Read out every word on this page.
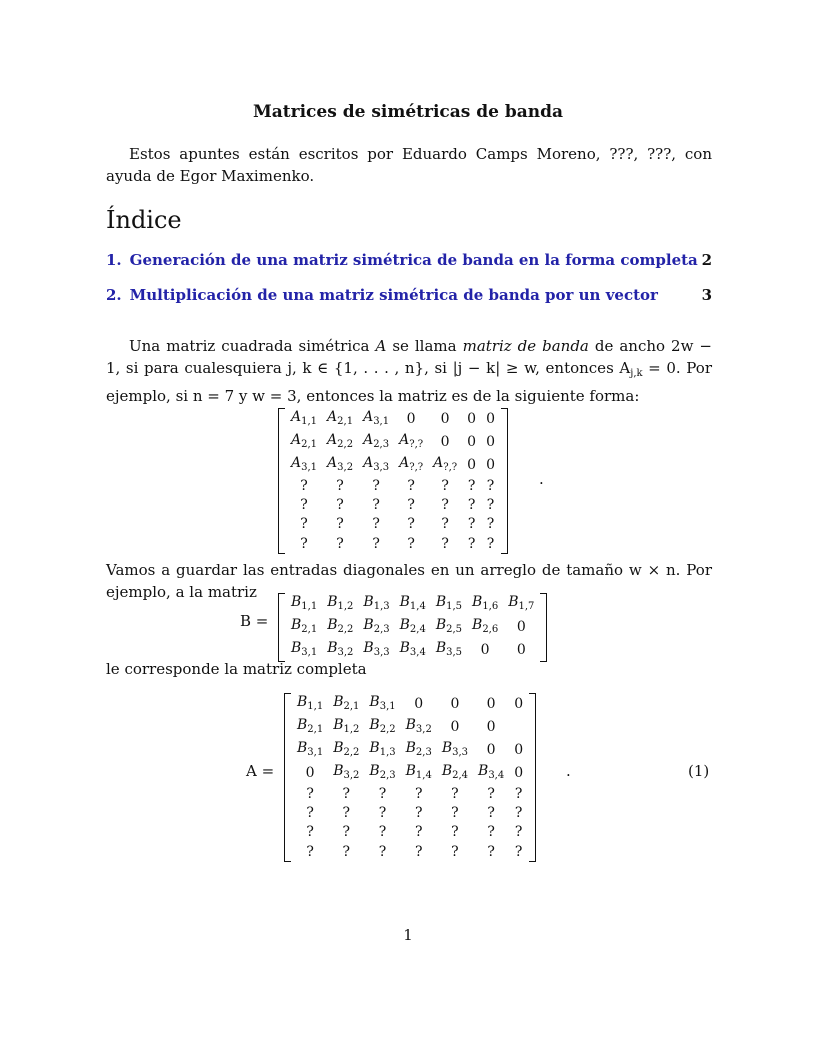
Matrices de simétricas de banda
Estos apuntes están escritos por Eduardo Camps Moreno, ???, ???, con ayuda de Egor Maximenko.
Índice
1. Generación de una matriz simétrica de banda en la forma completa 2
2. Multiplicación de una matriz simétrica de banda por un vector	3
Una matriz cuadrada simétrica A se llama matriz de banda de ancho 2w − 1, si para cualesquiera j, k ∈ {1, . . . , n}, si |j − k| ≥ w, entonces $A_{j,k} = 0$. Por ejemplo, si n = 7 y w = 3, entonces la matriz es de la siguiente forma:
$A_{1,1}$	$A_{2,1}$	$A_{3,1}$	0	0	0	0
$A_{2,1}$	$A_{2,2}$	$A_{2,3}$	$A_{?,?}$	0	0	0
$A_{3,1}$	$A_{3,2}$	$A_{3,3}$	$A_{?,?}$	$A_{?,?}$	0	0
?	?	?	?	?	?	?
?	?	?	?	?	?	?
?	?	?	?	?	?	?
?	?	?	?	?	?	?
.
Vamos a guardar las entradas diagonales en un arreglo de tamaño w × n. Por ejemplo, a la matriz
B =
$B_{1,1}$	$B_{1,2}$	$B_{1,3}$	$B_{1,4}$	$B_{1,5}$	$B_{1,6}$	$B_{1,7}$
$B_{2,1}$	$B_{2,2}$	$B_{2,3}$	$B_{2,4}$	$B_{2,5}$	$B_{2,6}$	0
$B_{3,1}$	$B_{3,2}$	$B_{3,3}$	$B_{3,4}$	$B_{3,5}$	0	0
le corresponde la matriz completa
A =
$B_{1,1}$	$B_{2,1}$	$B_{3,1}$	0	0	0	0
$B_{2,1}$	$B_{1,2}$	$B_{2,2}$	$B_{3,2}$	0	0	
$B_{3,1}$	$B_{2,2}$	$B_{1,3}$	$B_{2,3}$	$B_{3,3}$	0	0
0	$B_{3,2}$	$B_{2,3}$	$B_{1,4}$	$B_{2,4}$	$B_{3,4}$	0
?	?	?	?	?	?	?
?	?	?	?	?	?	?
?	?	?	?	?	?	?
?	?	?	?	?	?	?
.	(1)
1
